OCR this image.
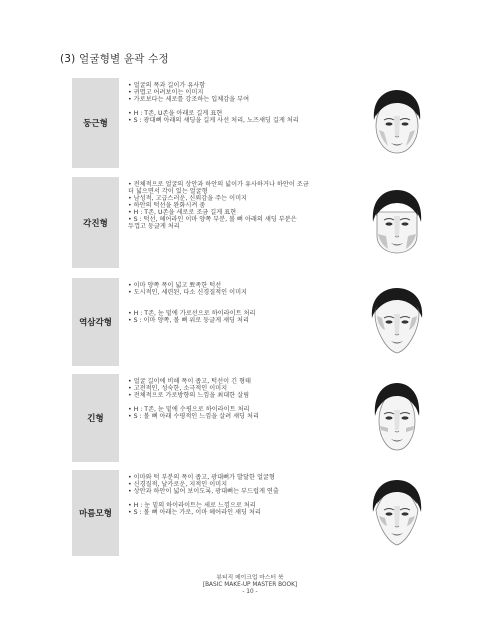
(3) 얼굴형별 윤곽 수정
둥근형
• 얼굴의 폭과 길이가 유사함
• 귀엽고 어려보이는 이미지
• 가로보다는 세로를 강조하는 입체감을 부여

• H : T존, U존을 아래로 길게 표현
• S : 광대뼈 아래의 섀딩을 길게 사선 처리, 노즈섀딩 길게 처리
각진형
• 전체적으로 얼굴의 상안과 하안의 넓이가 유사하거나 하안이 조금
더 넓으면서 각이 있는 얼굴형
• 남성적, 고급스러운, 신뢰감을 주는 이미지
• 하안의 턱선을 완화시켜 줌
• H : T존, U존을 세로로 조금 길게 표현
• S : 턱선, 헤어라인 이마 양쪽 부분, 볼 뼈 아래의 섀딩 부분은
두껍고 둥글게 처리
역삼각형
• 이마 양쪽 폭이 넓고 뾰족한 턱선
• 도시적인, 세련된, 다소 신경질적인 이미지

• H : T존, 눈 밑에 가로선으로 하이라이트 처리
• S : 이마 양쪽, 볼 뼈 위로 둥글게 섀딩 처리
긴형
• 얼굴 길이에 비해 폭이 좁고, 턱선이 긴 형태
• 고전적인, 성숙한, 소극적인 이미지
• 전체적으로 가로방향의 느낌을 최대한 살림

• H : T존, 눈 밑에 수평으로 하이라이트 처리
• S : 볼 뼈 아래 수평적인 느낌을 살려 섀딩 처리
마름모형
• 이마와 턱 부분의 폭이 좁고, 광대뼈가 발달한 얼굴형
• 신경질적, 날카로운, 지적인 이미지
• 상안과 하안이 넓어 보이도록, 광대뼈는 부드럽게 연출

• H : 눈 밑의 하이라이트는 세로 느낌으로 처리
• S : 볼 뼈 아래는 가로, 이마 헤어라인 섀딩 처리
뷰티직 메이크업 마스터 북
[BASIC MAKE-UP MASTER BOOK]
- 10 -
